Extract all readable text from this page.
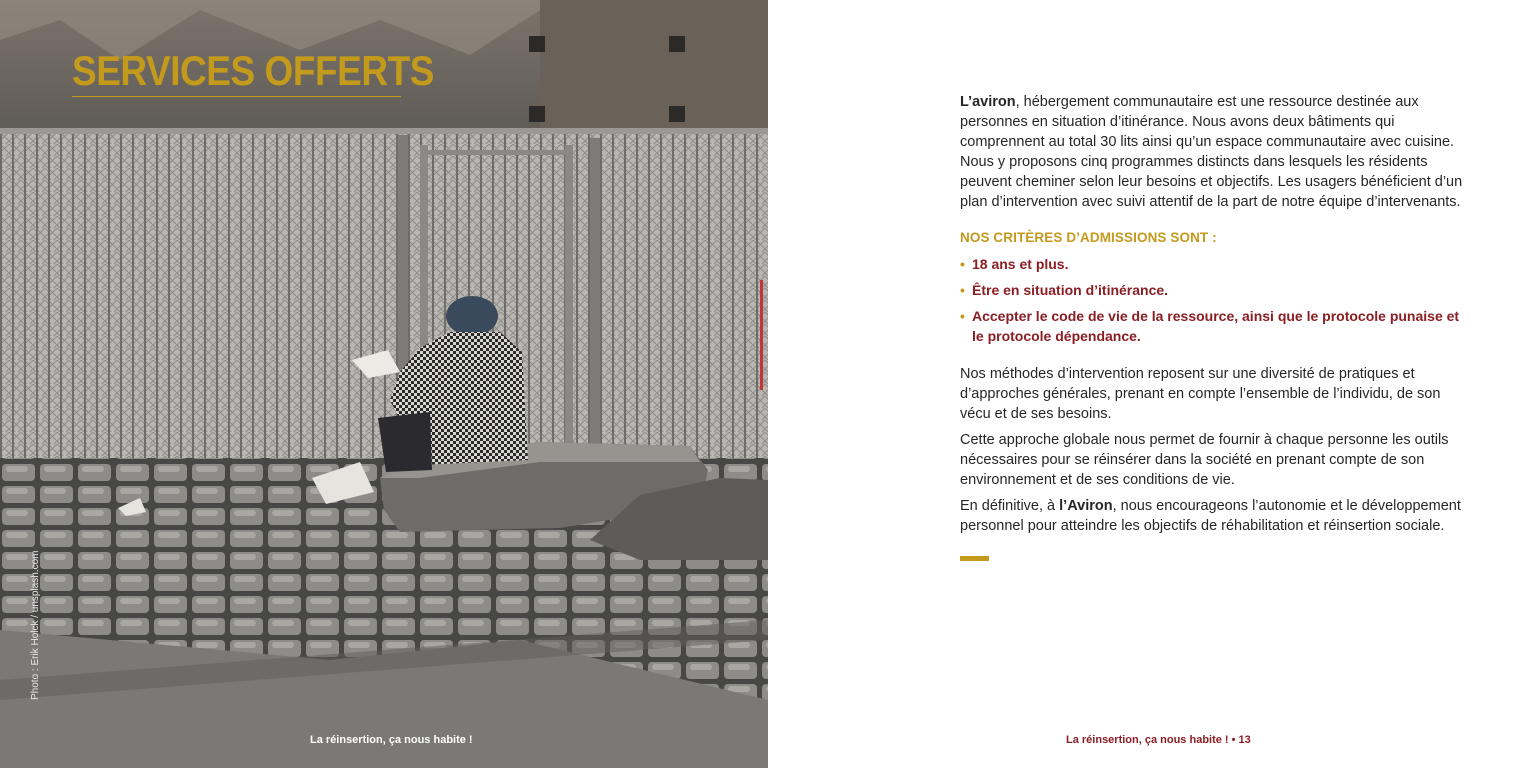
SERVICES OFFERTS
Photo : Erik Holck / unsplash.com
La réinsertion, ça nous habite !

L’aviron, hébergement communautaire est une ressource destinée aux personnes en situation d’itinérance. Nous avons deux bâtiments qui comprennent au total 30 lits ainsi qu’un espace communautaire avec cuisine. Nous y proposons cinq programmes distincts dans lesquels les résidents peuvent cheminer selon leur besoins et objectifs. Les usagers bénéficient d’un plan d’intervention avec suivi attentif de la part de notre équipe d’intervenants.

NOS CRITÈRES D’ADMISSIONS SONT :
• 18 ans et plus.
• Être en situation d’itinérance.
• Accepter le code de vie de la ressource, ainsi que le protocole punaise et le protocole dépendance.

Nos méthodes d’intervention reposent sur une diversité de pratiques et d’approches générales, prenant en compte l’ensemble de l’individu, de son vécu et de ses besoins.

Cette approche globale nous permet de fournir à chaque personne les outils nécessaires pour se réinsérer dans la société en prenant compte de son environnement et de ses conditions de vie.

En définitive, à l’Aviron, nous encourageons l’autonomie et le développement personnel pour atteindre les objectifs de réhabilitation et réinsertion sociale.

La réinsertion, ça nous habite ! • 13
